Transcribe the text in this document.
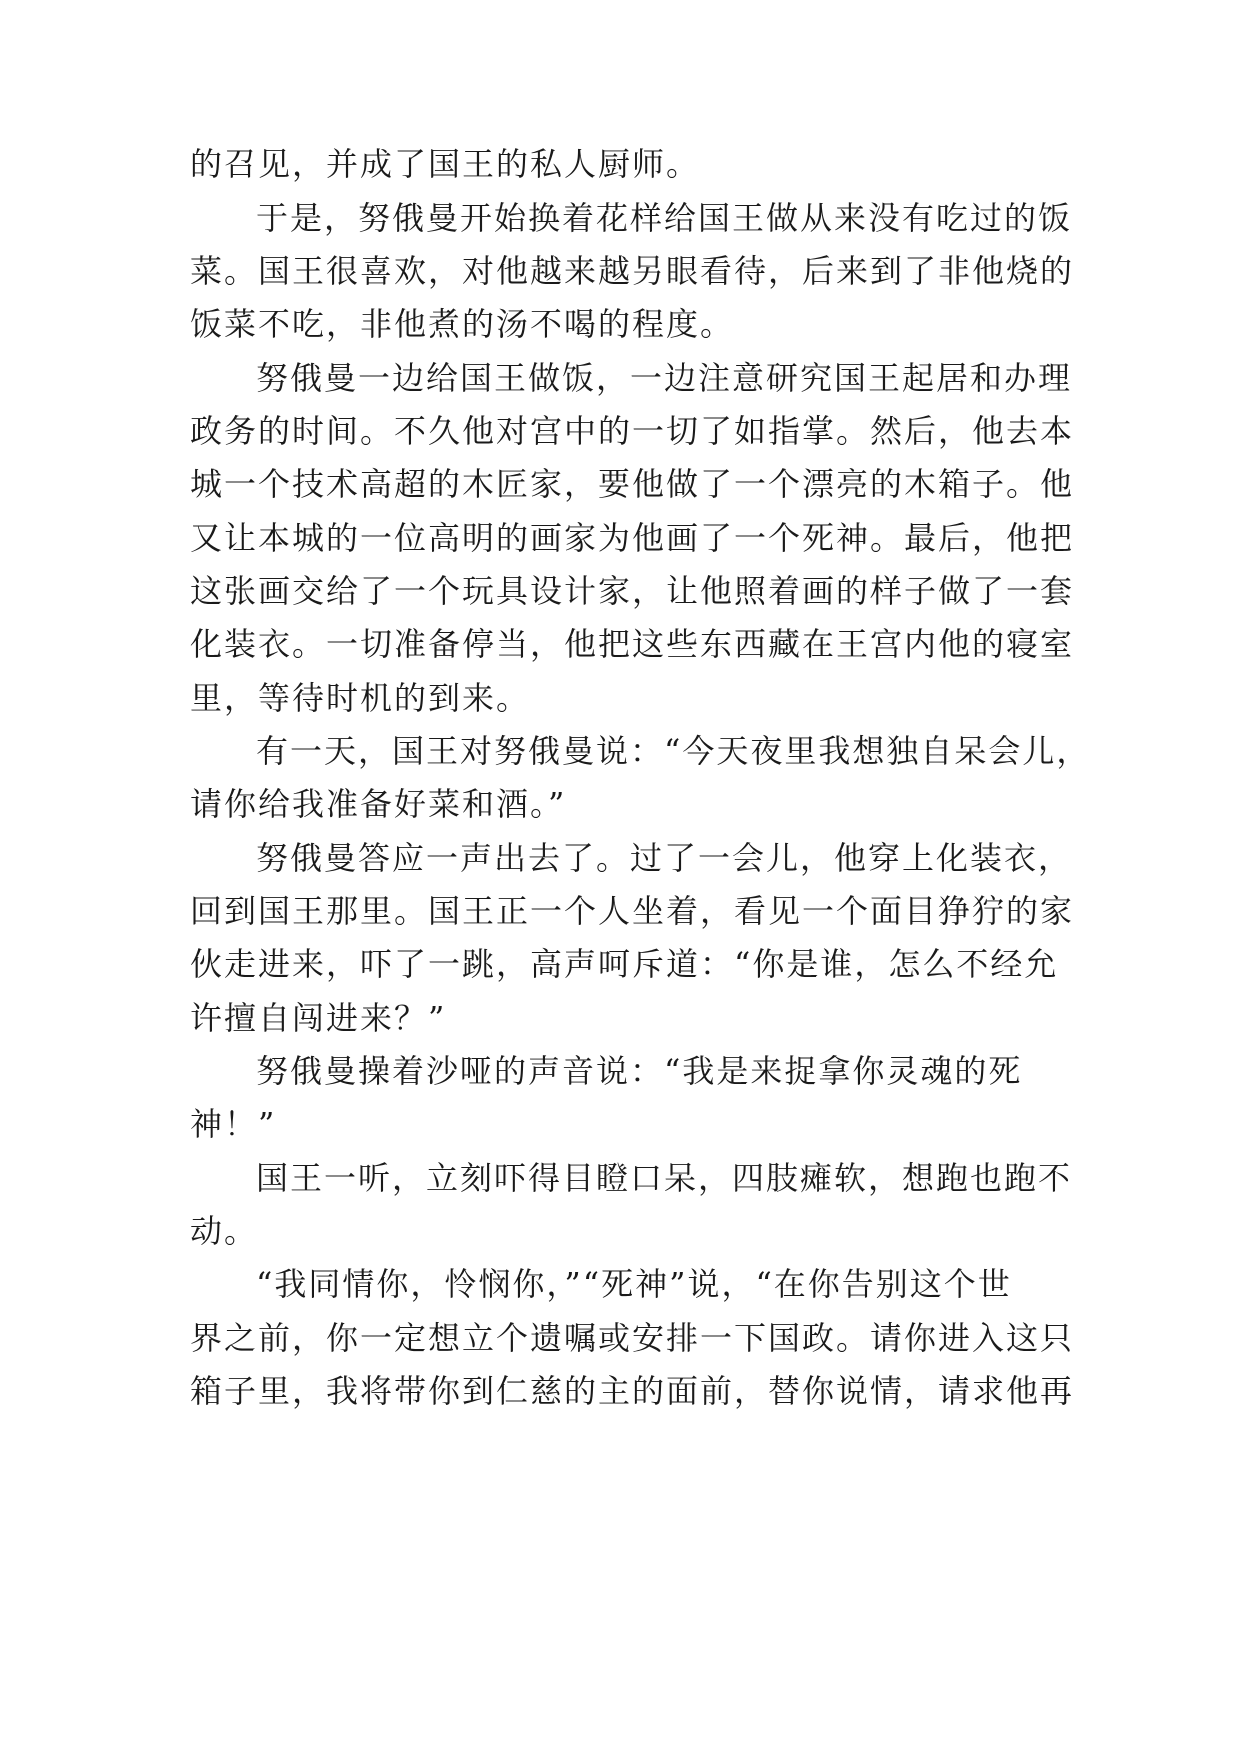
的召见，并成了国王的私人厨师。
于是，努俄曼开始换着花样给国王做从来没有吃过的饭
菜。国王很喜欢，对他越来越另眼看待，后来到了非他烧的
饭菜不吃，非他煮的汤不喝的程度。
努俄曼一边给国王做饭，一边注意研究国王起居和办理
政务的时间。不久他对宫中的一切了如指掌。然后，他去本
城一个技术高超的木匠家，要他做了一个漂亮的木箱子。他
又让本城的一位高明的画家为他画了一个死神。最后，他把
这张画交给了一个玩具设计家，让他照着画的样子做了一套
化装衣。一切准备停当，他把这些东西藏在王宫内他的寝室
里，等待时机的到来。
有一天，国王对努俄曼说：“今天夜里我想独自呆会儿，
请你给我准备好菜和酒。”
努俄曼答应一声出去了。过了一会儿，他穿上化装衣，
回到国王那里。国王正一个人坐着，看见一个面目狰狞的家
伙走进来，吓了一跳，高声呵斥道：“你是谁，怎么不经允
许擅自闯进来？”
努俄曼操着沙哑的声音说：“我是来捉拿你灵魂的死
神！”
国王一听，立刻吓得目瞪口呆，四肢瘫软，想跑也跑不
动。
“我同情你，怜悯你，”“死神”说，“在你告别这个世
界之前，你一定想立个遗嘱或安排一下国政。请你进入这只
箱子里，我将带你到仁慈的主的面前，替你说情，请求他再
